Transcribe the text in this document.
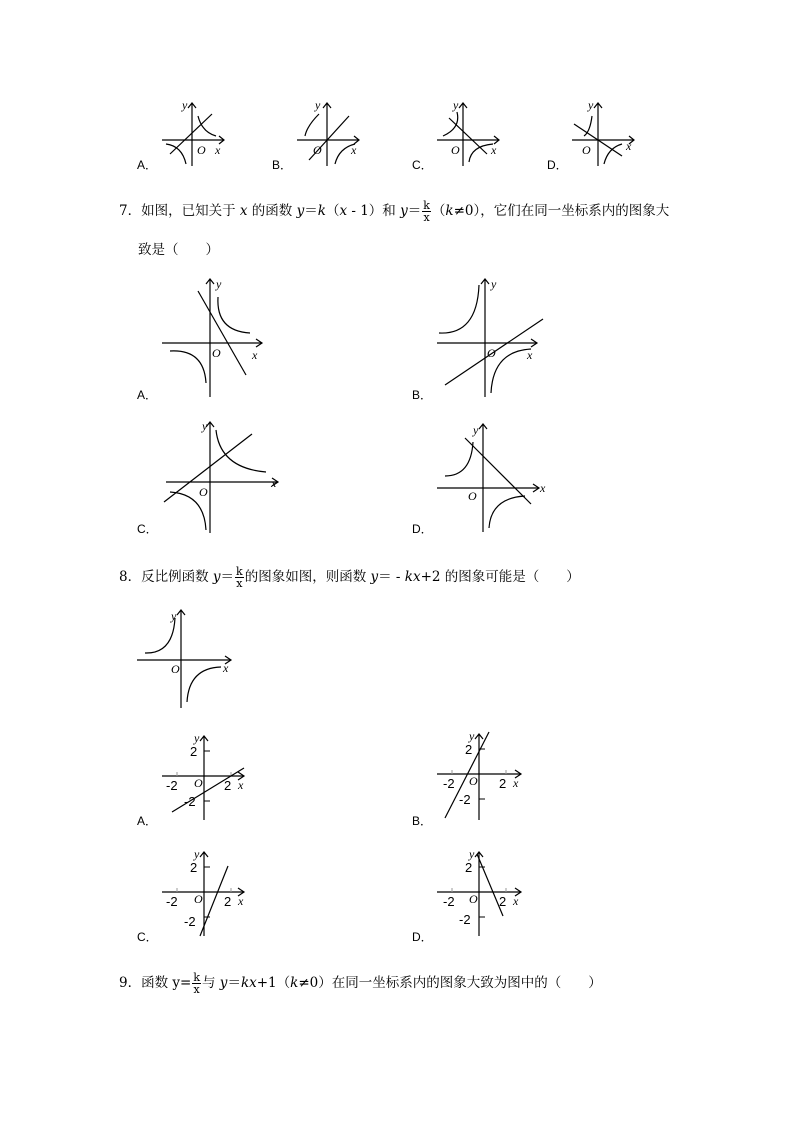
y
O x
y
O x
y
O	x
y
O	x
A．	B．	C．	D．
7．如图，已知关于 x 的函数 y＝k（x - 1）和 $y= \frac{k}{x} (k\ne 0)$，它们在同一坐标系内的图象大
致是（　　）
y
O	x
y
O	x
A．	B．
y
O
x
y
O
x
C．	D．
8．反比例函数 $y= \frac{k}{x}$ 的图象如图，则函数 y＝ - kx+2 的图象可能是（　　）
y
O	x
y
2
-2
-2 O 2 x
y
2
-2
-2 O 2 x
A．	B．
y
2
-2
-2 O 2 x
y
2
-2
-2 O 2 x
C．	D．
9．函数 $y= \frac{k}{x}$ 与 y＝kx+1（k≠0）在同一坐标系内的图象大致为图中的（　　）
